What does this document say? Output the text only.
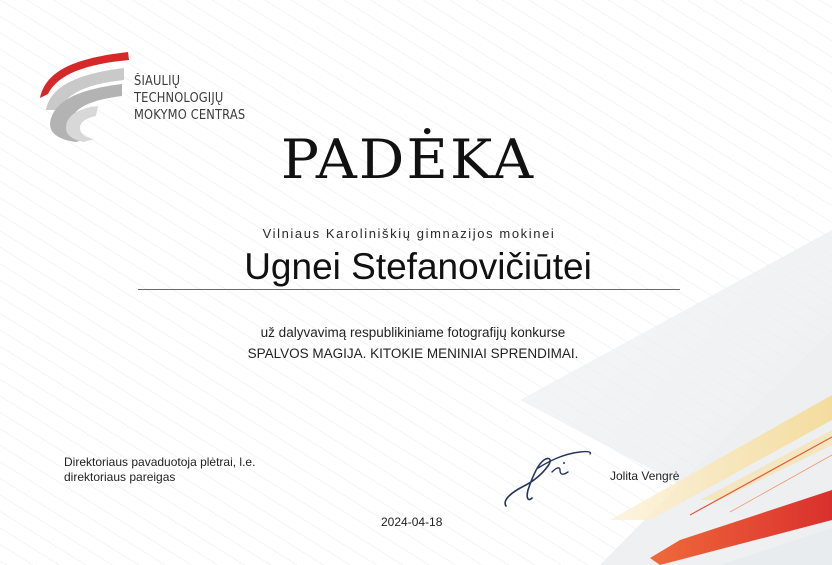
ŠIAULIŲ
TECHNOLOGIJŲ
MOKYMO CENTRAS
PADĖKA
Vilniaus Karoliniškių gimnazijos mokinei
Ugnei Stefanovičiūtei
už dalyvavimą respublikiniame fotografijų konkurse
SPALVOS MAGIJA. KITOKIE MENINIAI SPRENDIMAI.
Direktoriaus pavaduotoja plėtrai, l.e.
direktoriaus pareigas	Jolita Vengrė
2024-04-18
